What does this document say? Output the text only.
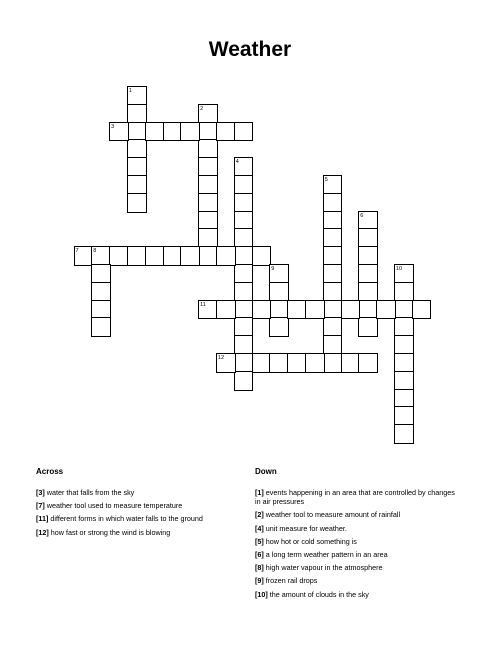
Weather
1
2
3
4
5
6
7	8
9	10
11
12
Across
[3] water that falls from the sky
[7] weather tool used to measure temperature
[11] different forms in which water falls to the ground
[12] how fast or strong the wind is blowing
Down
[1] events happening in an area that are controlled by changes in air pressures
[2] weather tool to measure amount of rainfall
[4] unit measure for weather.
[5] how hot or cold something is
[6] a long term weather pattern in an area
[8] high water vapour in the atmosphere
[9] frozen rail drops
[10] the amount of clouds in the sky
